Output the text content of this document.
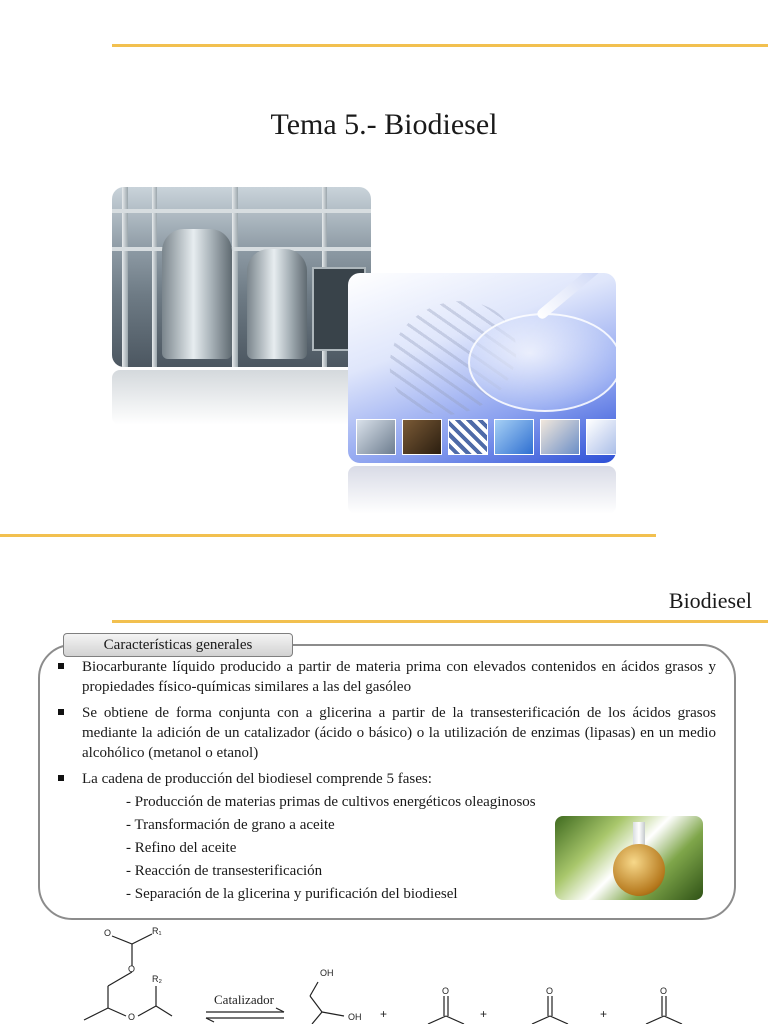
Tema 5.- Biodiesel
Biodiesel
Características generales
Biocarburante líquido producido a partir de materia prima con elevados contenidos en ácidos grasos y propiedades físico-químicas similares a las del gasóleo
Se obtiene de forma conjunta con a glicerina a partir de la transesterificación de los ácidos grasos mediante la adición de un catalizador (ácido o básico) o la utilización de enzimas (lipasas) en un medio alcohólico (metanol o etanol)
La cadena de producción del biodiesel comprende 5 fases:
- Producción de materias primas de cultivos energéticos oleaginosos
- Transformación de grano a aceite
- Refino del aceite
- Reacción de transesterificación
- Separación de la glicerina y purificación del biodiesel
O	R₁
O
R₂
O
OH
OH
O	O	O
Catalizador
+	+	+
